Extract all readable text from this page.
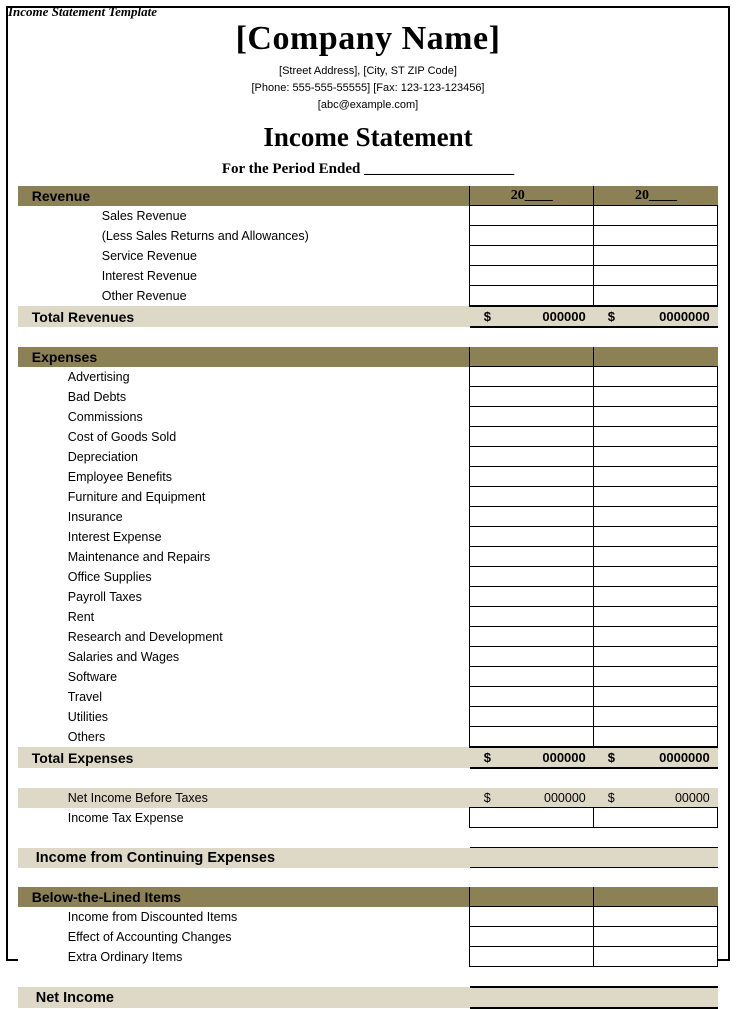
Income Statement Template
[Company Name]
[Street Address], [City, ST ZIP Code]
[Phone: 555-555-55555] [Fax: 123-123-123456]
[abc@example.com]
Income Statement
For the Period Ended ____________________
Revenue	20____	20____
Sales Revenue		
(Less Sales Returns and Allowances)		
Service Revenue		
Interest Revenue		
Other Revenue		
Total Revenues	$ 000000	$ 0000000

Expenses		
Advertising		
Bad Debts		
Commissions		
Cost of Goods Sold		
Depreciation		
Employee Benefits		
Furniture and Equipment		
Insurance		
Interest Expense		
Maintenance and Repairs		
Office Supplies		
Payroll Taxes		
Rent		
Research and Development		
Salaries and Wages		
Software		
Travel		
Utilities		
Others		
Total Expenses	$ 000000	$ 0000000

Net Income Before Taxes	$ 000000	$ 00000

Income Tax Expense		

Income from Continuing Expenses		

Below-the-Lined Items		
Income from Discounted Items		
Effect of Accounting Changes		
Extra Ordinary Items		

Net Income		
